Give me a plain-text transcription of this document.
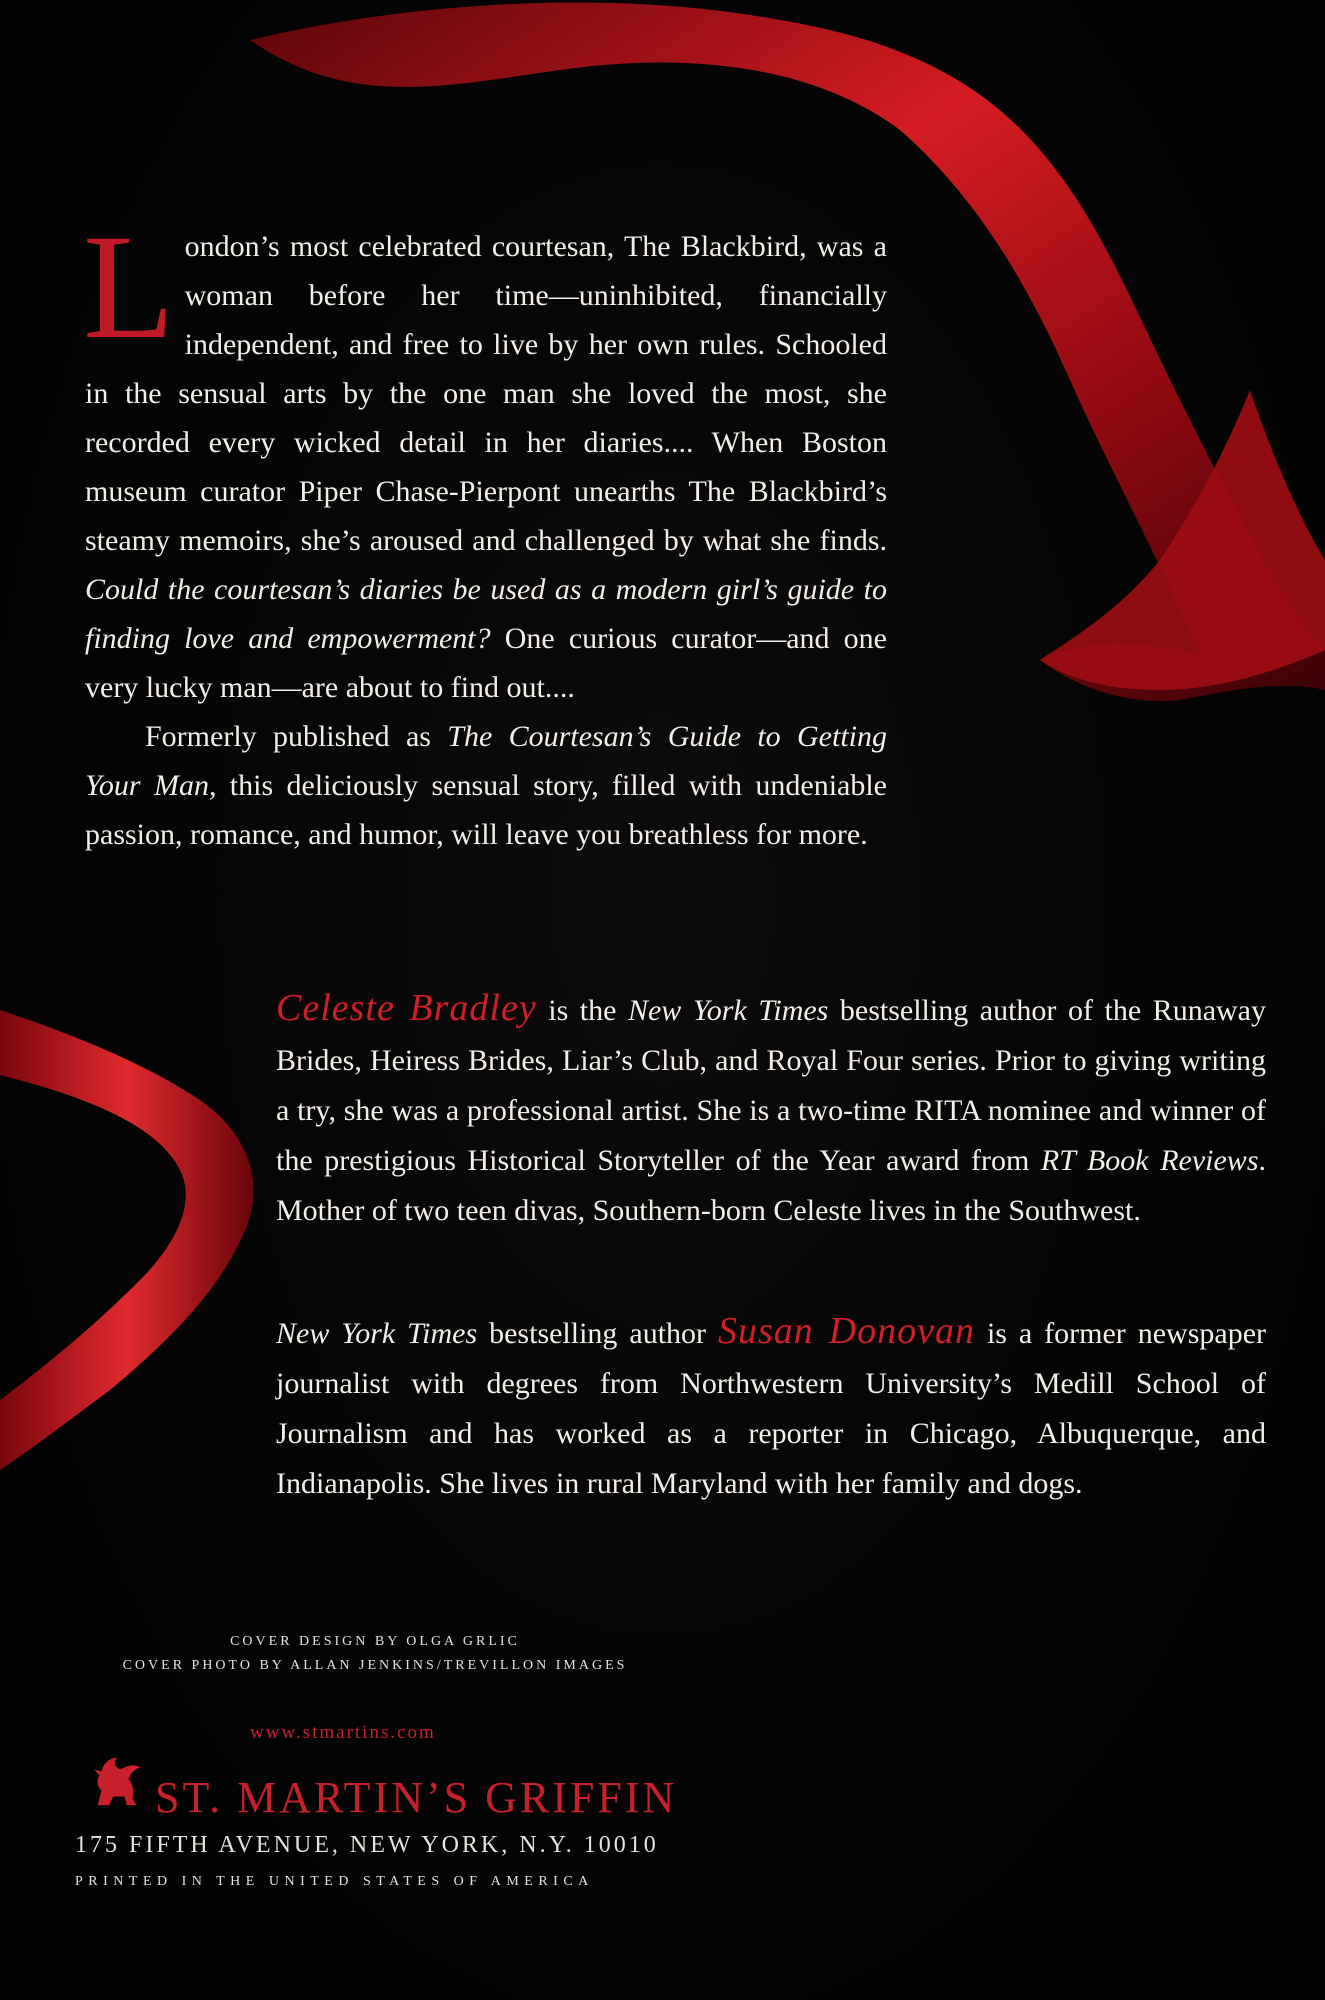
London’s most celebrated courtesan, The Blackbird, was a woman before her time—uninhibited, financially independent, and free to live by her own rules. Schooled in the sensual arts by the one man she loved the most, she recorded every wicked detail in her diaries.... When Boston museum curator Piper Chase-Pierpont unearths The Blackbird’s steamy memoirs, she’s aroused and challenged by what she finds. Could the courtesan’s diaries be used as a modern girl’s guide to finding love and empowerment? One curious curator—and one very lucky man—are about to find out....

Formerly published as The Courtesan’s Guide to Getting Your Man, this deliciously sensual story, filled with undeniable passion, romance, and humor, will leave you breathless for more.

Celeste Bradley is the New York Times bestselling author of the Runaway Brides, Heiress Brides, Liar’s Club, and Royal Four series. Prior to giving writing a try, she was a professional artist. She is a two-time RITA nominee and winner of the prestigious Historical Storyteller of the Year award from RT Book Reviews. Mother of two teen divas, Southern-born Celeste lives in the Southwest.

New York Times bestselling author Susan Donovan is a former newspaper journalist with degrees from Northwestern University’s Medill School of Journalism and has worked as a reporter in Chicago, Albuquerque, and Indianapolis. She lives in rural Maryland with her family and dogs.

COVER DESIGN BY OLGA GRLIC
COVER PHOTO BY ALLAN JENKINS/TREVILLON IMAGES
www.stmartins.com
ST. MARTIN’S GRIFFIN
175 FIFTH AVENUE, NEW YORK, N.Y. 10010
PRINTED IN THE UNITED STATES OF AMERICA
